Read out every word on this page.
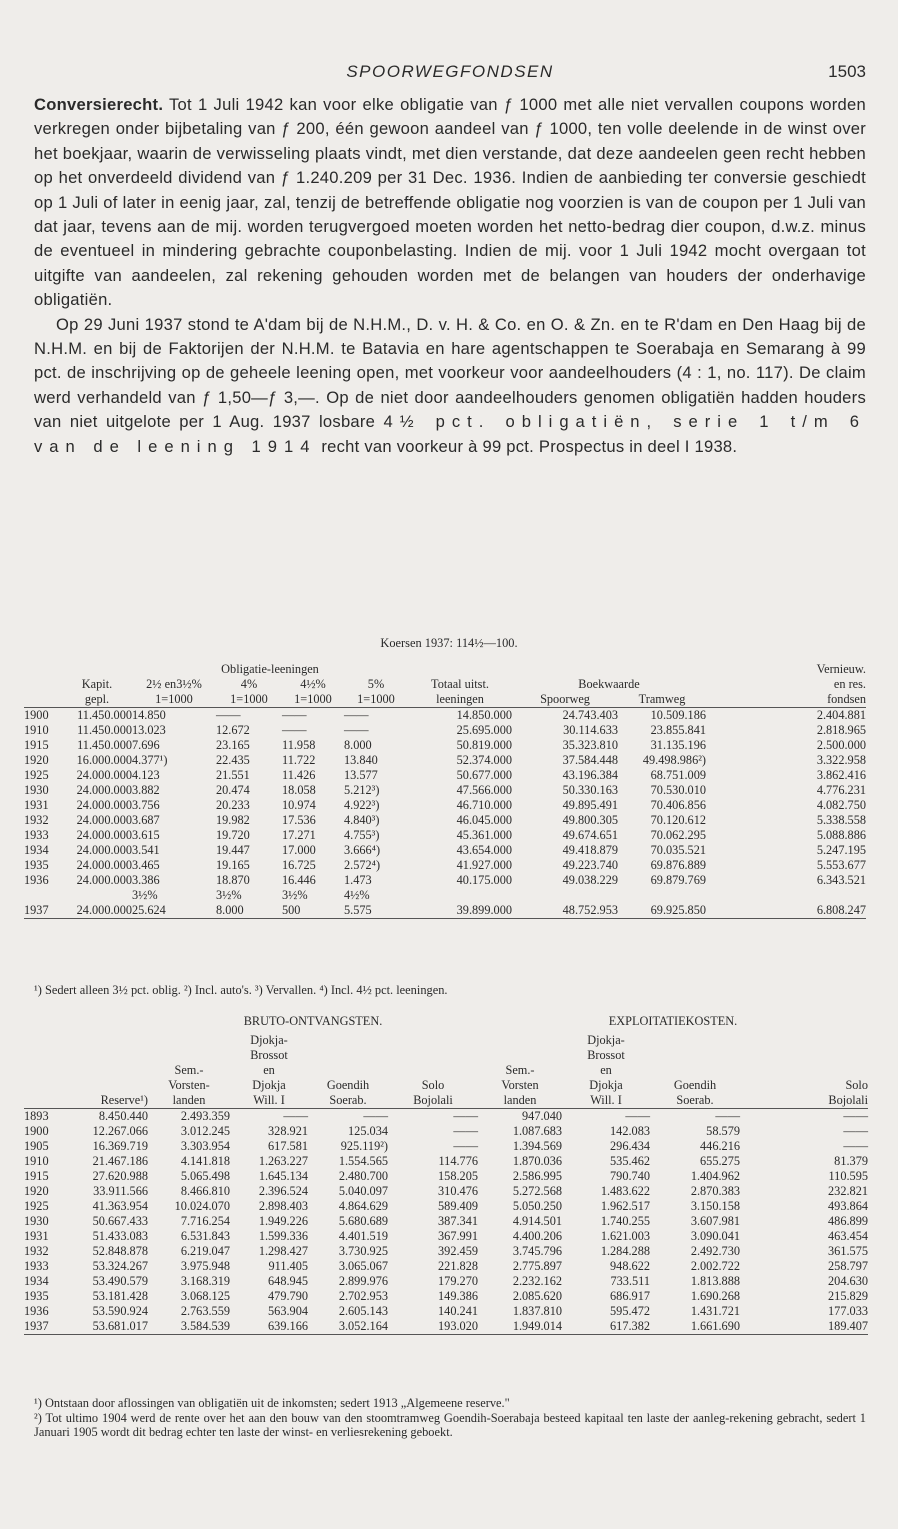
SPOORWEGFONDSEN	1503

Conversierecht. Tot 1 Juli 1942 kan voor elke obligatie van ƒ 1000 met alle niet vervallen coupons worden verkregen onder bijbetaling van ƒ 200, één gewoon aandeel van ƒ 1000, ten volle deelende in de winst over het boekjaar, waarin de verwisseling plaats vindt, met dien verstande, dat deze aandeelen geen recht hebben op het onverdeeld dividend van ƒ 1.240.209 per 31 Dec. 1936. Indien de aanbieding ter conversie geschiedt op 1 Juli of later in eenig jaar, zal, tenzij de betreffende obligatie nog voorzien is van de coupon per 1 Juli van dat jaar, tevens aan de mij. worden terugvergoed moeten worden het netto-bedrag dier coupon, d.w.z. minus de eventueel in mindering gebrachte couponbelasting. Indien de mij. voor 1 Juli 1942 mocht overgaan tot uitgifte van aandeelen, zal rekening gehouden worden met de belangen van houders der onderhavige obligatiën.

Op 29 Juni 1937 stond te A'dam bij de N.H.M., D. v. H. & Co. en O. & Zn. en te R'dam en Den Haag bij de N.H.M. en bij de Faktorijen der N.H.M. te Batavia en hare agentschappen te Soerabaja en Semarang à 99 pct. de inschrijving op de geheele leening open, met voorkeur voor aandeelhouders (4 : 1, no. 117). De claim werd verhandeld van ƒ 1,50—ƒ 3,—. Op de niet door aandeelhouders genomen obligatiën hadden houders van niet uitgelote per 1 Aug. 1937 losbare 4½ pct. obligatiën, serie 1 t/m 6 van de leening 1914 recht van voorkeur à 99 pct. Prospectus in deel I 1938.

Koersen 1937: 114½—100.
		Obligatie-leeningen							Vernieuw.
	Kapit.	2½ en3½%	4%	4½%	5%	Totaal uitst.	Boekwaarde		en res.
	gepl.	1=1000	1=1000	1=1000	1=1000	leeningen	Spoorweg	Tramweg	fondsen
1900	11.450.000	14.850	——	——	——	14.850.000	24.743.403	10.509.186	2.404.881
1910	11.450.000	13.023	12.672	——	——	25.695.000	30.114.633	23.855.841	2.818.965
1915	11.450.000	7.696	23.165	11.958	8.000	50.819.000	35.323.810	31.135.196	2.500.000
1920	16.000.000	4.377¹)	22.435	11.722	13.840	52.374.000	37.584.448	49.498.986²)	3.322.958
1925	24.000.000	4.123	21.551	11.426	13.577	50.677.000	43.196.384	68.751.009	3.862.416
1930	24.000.000	3.882	20.474	18.058	5.212³)	47.566.000	50.330.163	70.530.010	4.776.231
1931	24.000.000	3.756	20.233	10.974	4.922³)	46.710.000	49.895.491	70.406.856	4.082.750
1932	24.000.000	3.687	19.982	17.536	4.840³)	46.045.000	49.800.305	70.120.612	5.338.558
1933	24.000.000	3.615	19.720	17.271	4.755³)	45.361.000	49.674.651	70.062.295	5.088.886
1934	24.000.000	3.541	19.447	17.000	3.666⁴)	43.654.000	49.418.879	70.035.521	5.247.195
1935	24.000.000	3.465	19.165	16.725	2.572⁴)	41.927.000	49.223.740	69.876.889	5.553.677
1936	24.000.000	3.386	18.870	16.446	1.473	40.175.000	49.038.229	69.879.769	6.343.521
		3½%	3½%	3½%	4½%				
1937	24.000.000	25.624	8.000	500	5.575	39.899.000	48.752.953	69.925.850	6.808.247
¹) Sedert alleen 3½ pct. oblig. ²) Incl. auto's. ³) Vervallen. ⁴) Incl. 4½ pct. leeningen.
		BRUTO-ONTVANGSTEN.				EXPLOITATIEKOSTEN.			
			Djokja-				Djokja-		
			Brossot				Brossot		
		Sem.-	en			Sem.-	en		
		Vorsten-	Djokja	Goendih	Solo	Vorsten	Djokja	Goendih	Solo
	Reserve¹)	landen	Will. I	Soerab.	Bojolali	landen	Will. I	Soerab.	Bojolali
1893	8.450.440	2.493.359	——	——	——	947.040	——	——	——
1900	12.267.066	3.012.245	328.921	125.034	——	1.087.683	142.083	58.579	——
1905	16.369.719	3.303.954	617.581	925.119²)	——	1.394.569	296.434	446.216	——
1910	21.467.186	4.141.818	1.263.227	1.554.565	114.776	1.870.036	535.462	655.275	81.379
1915	27.620.988	5.065.498	1.645.134	2.480.700	158.205	2.586.995	790.740	1.404.962	110.595
1920	33.911.566	8.466.810	2.396.524	5.040.097	310.476	5.272.568	1.483.622	2.870.383	232.821
1925	41.363.954	10.024.070	2.898.403	4.864.629	589.409	5.050.250	1.962.517	3.150.158	493.864
1930	50.667.433	7.716.254	1.949.226	5.680.689	387.341	4.914.501	1.740.255	3.607.981	486.899
1931	51.433.083	6.531.843	1.599.336	4.401.519	367.991	4.400.206	1.621.003	3.090.041	463.454
1932	52.848.878	6.219.047	1.298.427	3.730.925	392.459	3.745.796	1.284.288	2.492.730	361.575
1933	53.324.267	3.975.948	911.405	3.065.067	221.828	2.775.897	948.622	2.002.722	258.797
1934	53.490.579	3.168.319	648.945	2.899.976	179.270	2.232.162	733.511	1.813.888	204.630
1935	53.181.428	3.068.125	479.790	2.702.953	149.386	2.085.620	686.917	1.690.268	215.829
1936	53.590.924	2.763.559	563.904	2.605.143	140.241	1.837.810	595.472	1.431.721	177.033
1937	53.681.017	3.584.539	639.166	3.052.164	193.020	1.949.014	617.382	1.661.690	189.407

¹) Ontstaan door aflossingen van obligatiën uit de inkomsten; sedert 1913 „Algemeene reserve."

²) Tot ultimo 1904 werd de rente over het aan den bouw van den stoomtramweg Goendih-Soerabaja besteed kapitaal ten laste der aanleg-rekening gebracht, sedert 1 Januari 1905 wordt dit bedrag echter ten laste der winst- en verliesrekening geboekt.
